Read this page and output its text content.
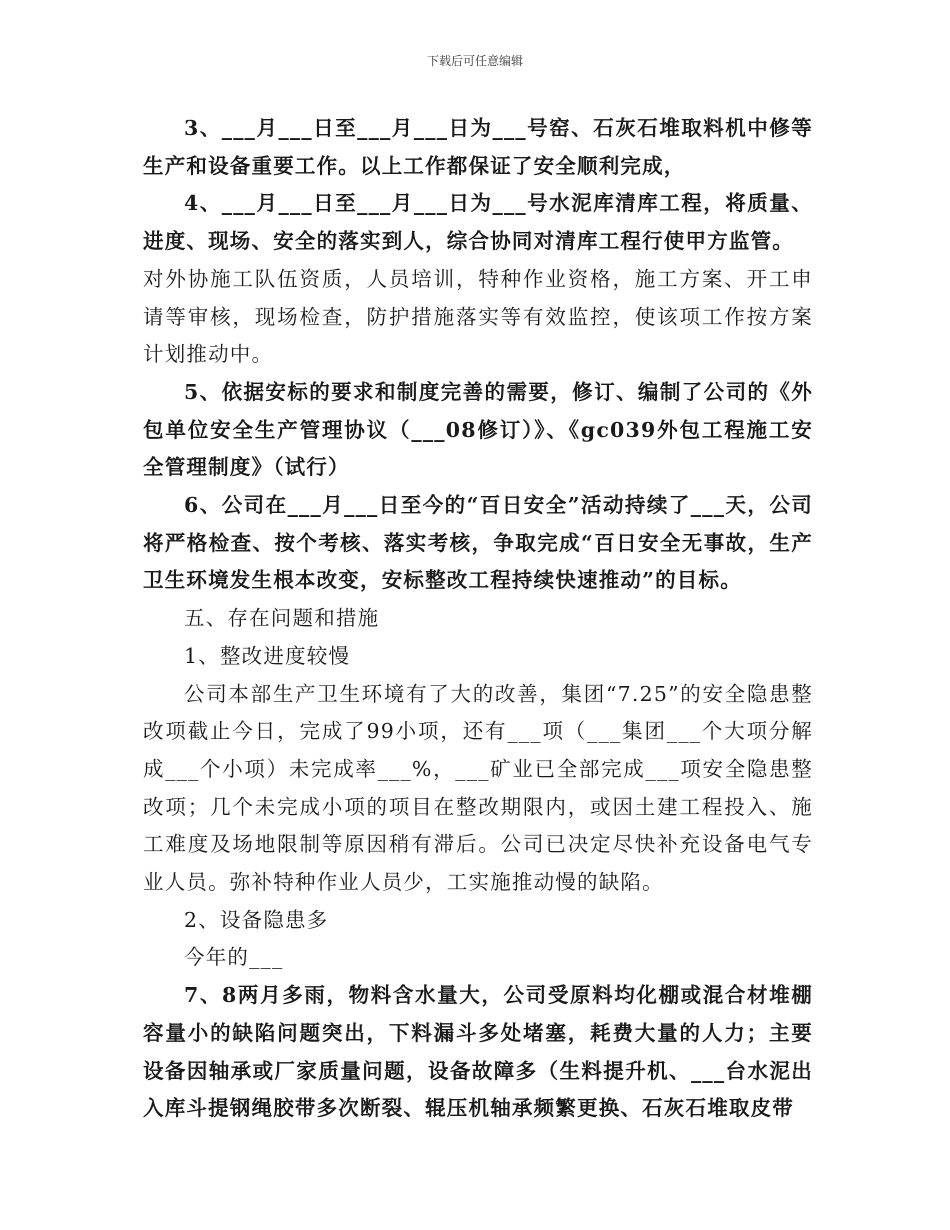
下载后可任意编辑

3、___月___日至___月___日为___号窑、石灰石堆取料机中修等生产和设备重要工作。以上工作都保证了安全顺利完成，

4、___月___日至___月___日为___号水泥库清库工程，将质量、进度、现场、安全的落实到人，综合协同对清库工程行使甲方监管。

对外协施工队伍资质，人员培训，特种作业资格，施工方案、开工申请等审核，现场检查，防护措施落实等有效监控，使该项工作按方案计划推动中。

5、依据安标的要求和制度完善的需要，修订、编制了公司的《外包单位安全生产管理协议（___08修订）》、《gc039外包工程施工安全管理制度》（试行）

6、公司在___月___日至今的“百日安全”活动持续了___天，公司将严格检查、按个考核、落实考核，争取完成“百日安全无事故，生产卫生环境发生根本改变，安标整改工程持续快速推动”的目标。

五、存在问题和措施

1、整改进度较慢

公司本部生产卫生环境有了大的改善，集团“7.25”的安全隐患整改项截止今日，完成了99小项，还有___项（___集团___个大项分解成___个小项）未完成率___%，___矿业已全部完成___项安全隐患整改项；几个未完成小项的项目在整改期限内，或因土建工程投入、施工难度及场地限制等原因稍有滞后。公司已决定尽快补充设备电气专业人员。弥补特种作业人员少，工实施推动慢的缺陷。

2、设备隐患多

今年的___

7、8两月多雨，物料含水量大，公司受原料均化棚或混合材堆棚容量小的缺陷问题突出，下料漏斗多处堵塞，耗费大量的人力；主要设备因轴承或厂家质量问题，设备故障多（生料提升机、___台水泥出入库斗提钢绳胶带多次断裂、辊压机轴承频繁更换、石灰石堆取皮带
